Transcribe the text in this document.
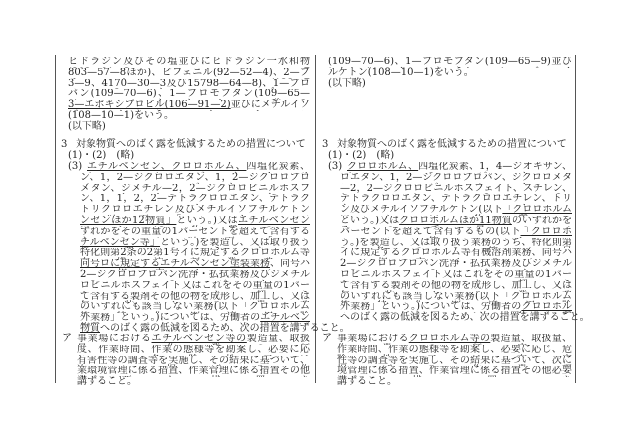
ヒドラジン及びその塩並びにヒドラジン一水和物
803—57—8ほか)、ビフェニル(92—52—4)、2—ブ
3—9、4170—30—3及び15798—64—8)、1—ブロ
パン(109—70—6)、1—ブロモブタン(109—65—
3—エポキシプロピル(106—91—2)並びにメチルイソ
(108—10—1)をいう。
(以下略)
3 対象物質へのばく露を低減するための措置について
(1)・(2)　(略)
(3) エチルベンゼン、クロロホルム、四塩化炭素、
ン、1，2—ジクロロエタン、1，2—ジクロロプロ
メタン、ジメチル—2，2—ジクロロビニルホスフ
ン、1，1，2，2—テトラクロロエタン、テトラク
トリクロロエチレン及びメチルイソブチルケトン
ンゼンほか12物質」という。)又はエチルベンゼン
ずれかをその重量の1パーセントを超えて含有する
チルベンゼン等」という。)を製造し、又は取り扱う
特化則第2条の2第1号イに規定するクロロホルム等
同号ロに規定するエチルベンゼン塗装業務、同号ハ
2—ジクロロプロパン洗浄・払拭業務及びジメチル
ロビニルホスフェイト又はこれをその重量の1パー
て含有する製剤その他の物を成形し、加工し、又は
のいずれにも該当しない業務(以下「クロロホルム
外業務」という。)については、労働者のエチルベン
物質へのばく露の低減を図るため、次の措置を講ずること。
ア 事業場におけるエチルベンゼン等の製造量、取扱
度、作業時間、作業の態様等を勘案し、必要に応
有害性等の調査等を実施し、その結果に基づいて、
業環境管理に係る措置、作業管理に係る措置その他
講ずること。
(109—70—6)、1—ブロモブタン(109—65—9)並び
ルケトン(108—10—1)をいう。
(以下略)
3 対象物質へのばく露を低減するための措置について
(1)・(2)　(略)
(3) クロロホルム、四塩化炭素、1，4—ジオキサン、
ロエタン、1，2—ジクロロプロパン、ジクロロメタ
—2，2—ジクロロビニルホスフェイト、スチレン、
テトラクロロエタン、テトラクロロエチレン、トリ
ン及びメチルイソブチルケトン(以下「クロロホルム
という。)又はクロロホルムほか11物質のいずれかを
パーセントを超えて含有するもの(以下「クロロホ
う。)を製造し、又は取り扱う業務のうち、特化則第
イに規定するクロロホルム等有機溶剤業務、同号ハ
2—ジクロロプロパン洗浄・払拭業務及びジメチル
ロビニルホスフェイト又はこれをその重量の1パー
て含有する製剤その他の物を成形し、加工し、又は
のいずれにも該当しない業務(以下「クロロホルム
外業務」という。)については、労働者のクロロホル
へのばく露の低減を図るため、次の措置を講ずること。
ア 事業場におけるクロロホルム等の製造量、取扱量、
作業時間、作業の態様等を勘案し、必要に応じ、危
性等の調査等を実施し、その結果に基づいて、次に
境管理に係る措置、作業管理に係る措置その他必要
講ずること。
